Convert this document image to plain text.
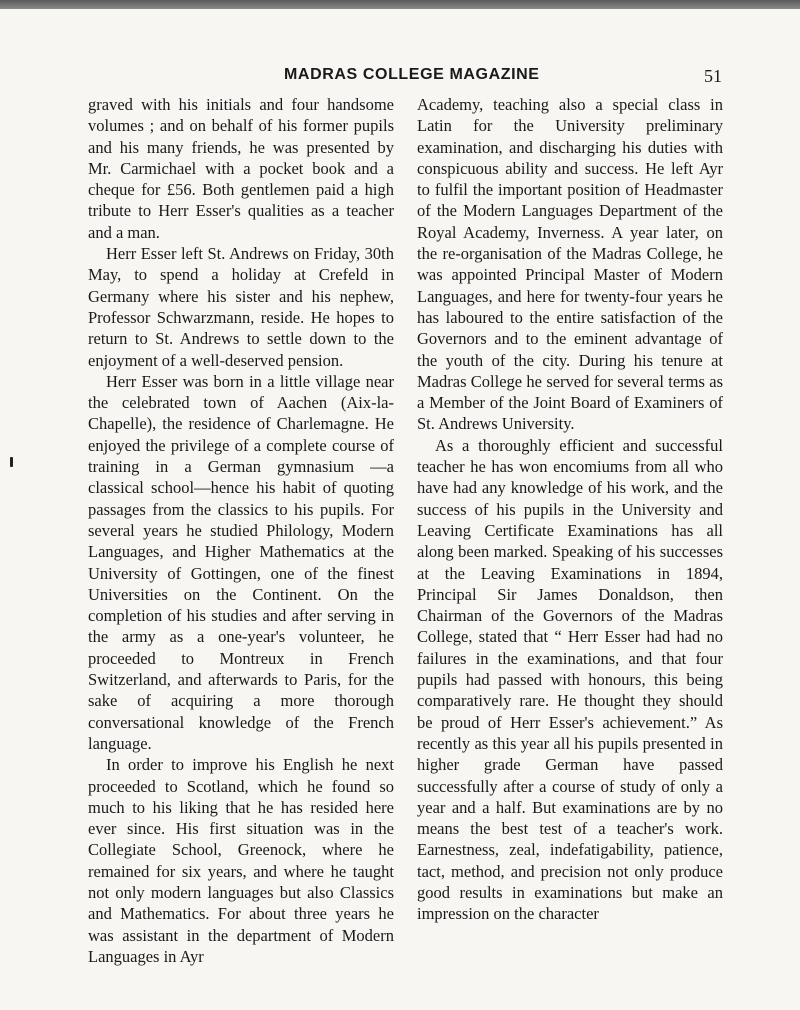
MADRAS COLLEGE MAGAZINE	51

graved with his initials and four handsome volumes ; and on behalf of his former pupils and his many friends, he was presented by Mr. Carmichael with a pocket book and a cheque for £56. Both gentlemen paid a high tribute to Herr Esser's qualities as a teacher and a man.

Herr Esser left St. Andrews on Friday, 30th May, to spend a holiday at Crefeld in Germany where his sister and his nephew, Professor Schwarzmann, reside. He hopes to return to St. Andrews to settle down to the enjoyment of a well-deserved pension.

Herr Esser was born in a little village near the celebrated town of Aachen (Aix-la-Chapelle), the residence of Charlemagne. He enjoyed the privilege of a complete course of training in a German gymnasium —a classical school—hence his habit of quoting passages from the classics to his pupils. For several years he studied Philology, Modern Languages, and Higher Mathematics at the University of Gottingen, one of the finest Universities on the Continent. On the completion of his studies and after serving in the army as a one-year's volunteer, he proceeded to Montreux in French Switzerland, and afterwards to Paris, for the sake of acquiring a more thorough conversational knowledge of the French language.

In order to improve his English he next proceeded to Scotland, which he found so much to his liking that he has resided here ever since. His first situation was in the Collegiate School, Greenock, where he remained for six years, and where he taught not only modern languages but also Classics and Mathematics. For about three years he was assistant in the department of Modern Languages in Ayr

Academy, teaching also a special class in Latin for the University preliminary examination, and discharging his duties with conspicuous ability and success. He left Ayr to fulfil the important position of Headmaster of the Modern Languages Department of the Royal Academy, Inverness. A year later, on the re-organisation of the Madras College, he was appointed Principal Master of Modern Languages, and here for twenty-four years he has laboured to the entire satisfaction of the Governors and to the eminent advantage of the youth of the city. During his tenure at Madras College he served for several terms as a Member of the Joint Board of Examiners of St. Andrews University.

As a thoroughly efficient and successful teacher he has won encomiums from all who have had any knowledge of his work, and the success of his pupils in the University and Leaving Certificate Examinations has all along been marked. Speaking of his successes at the Leaving Examinations in 1894, Principal Sir James Donaldson, then Chairman of the Governors of the Madras College, stated that “ Herr Esser had had no failures in the examinations, and that four pupils had passed with honours, this being comparatively rare. He thought they should be proud of Herr Esser's achievement.” As recently as this year all his pupils presented in higher grade German have passed successfully after a course of study of only a year and a half. But examinations are by no means the best test of a teacher's work. Earnestness, zeal, indefatigability, patience, tact, method, and precision not only produce good results in examinations but make an impression on the character
